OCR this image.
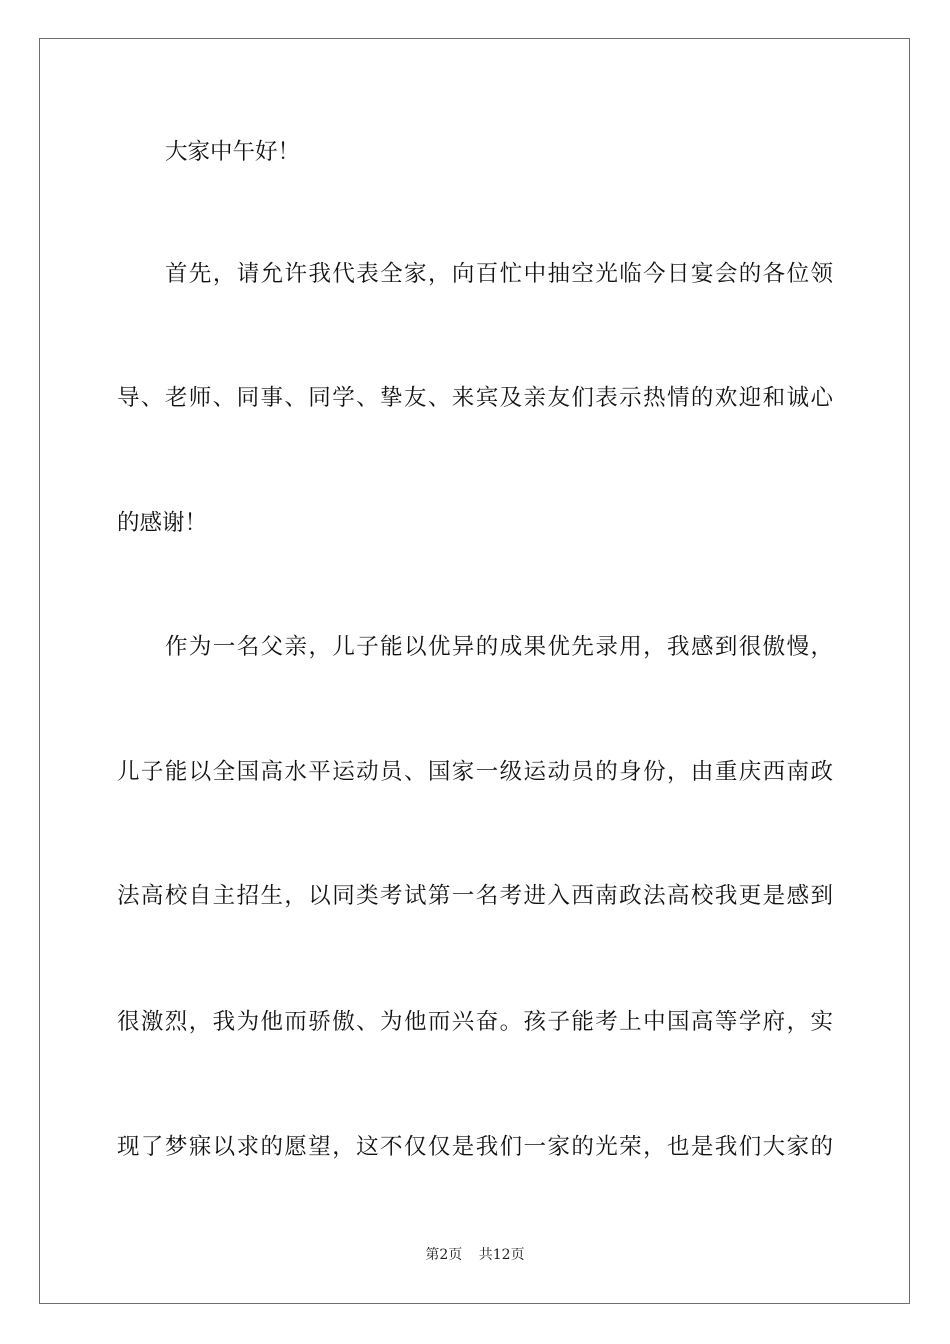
大家中午好！
首先，请允许我代表全家，向百忙中抽空光临今日宴会的各位领
导、老师、同事、同学、挚友、来宾及亲友们表示热情的欢迎和诚心
的感谢！
作为一名父亲，儿子能以优异的成果优先录用，我感到很傲慢，
儿子能以全国高水平运动员、国家一级运动员的身份，由重庆西南政
法高校自主招生，以同类考试第一名考进入西南政法高校我更是感到
很激烈，我为他而骄傲、为他而兴奋。孩子能考上中国高等学府，实
现了梦寐以求的愿望，这不仅仅是我们一家的光荣，也是我们大家的
第2页 共12页
